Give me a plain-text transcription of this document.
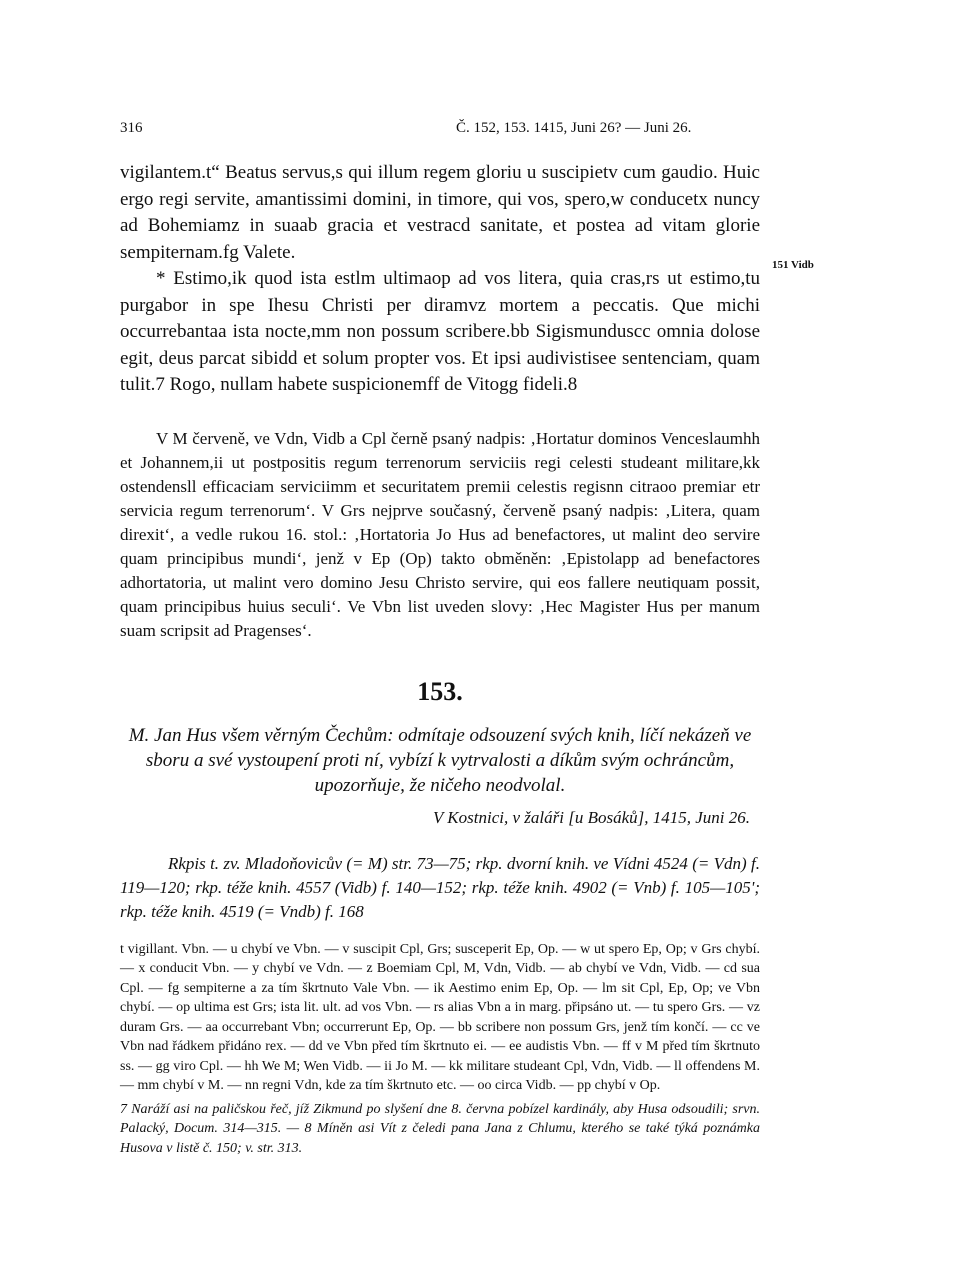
316	Č. 152, 153. 1415, Juni 26? — Juni 26.
151 Vidb

vigilantem.t“ Beatus servus,s qui illum regem gloriu u suscipietv cum gaudio. Huic ergo regi servite, amantissimi domini, in timore, qui vos, spero,w conducetx nuncy ad Bohemiamz in suaab gracia et vestracd sanitate, et postea ad vitam glorie sempiternam.fg Valete.

* Estimo,ik quod ista estlm ultimaop ad vos litera, quia cras,rs ut estimo,tu purgabor in spe Ihesu Christi per diramvz mortem a peccatis. Que michi occurrebantaa ista nocte,mm non possum scribere.bb Sigismunduscc omnia dolose egit, deus parcat sibidd et solum propter vos. Et ipsi audivistisee sentenciam, quam tulit.7 Rogo, nullam habete suspicionemff de Vitogg fideli.8

V M červeně, ve Vdn, Vidb a Cpl černě psaný nadpis: ‚Hortatur dominos Venceslaumhh et Johannem,ii ut postpositis regum terrenorum serviciis regi celesti studeant militare,kk ostendensll efficaciam serviciimm et securitatem premii celestis regisnn citraoo premiar etr servicia regum terrenorum‘. V Grs nejprve současný, červeně psaný nadpis: ‚Litera, quam direxit‘, a vedle rukou 16. stol.: ‚Hortatoria Jo Hus ad benefactores, ut malint deo servire quam principibus mundi‘, jenž v Ep (Op) takto obměněn: ‚Epistolapp ad benefactores adhortatoria, ut malint vero domino Jesu Christo servire, qui eos fallere neutiquam possit, quam principibus huius seculi‘. Ve Vbn list uveden slovy: ‚Hec Magister Hus per manum suam scripsit ad Pragenses‘.

153.

M. Jan Hus všem věrným Čechům: odmítaje odsouzení svých knih, líčí nekázeň ve sboru a své vystoupení proti ní, vybízí k vytrvalosti a díkům svým ochráncům, upozorňuje, že ničeho neodvolal.

V Kostnici, v žaláři [u Bosáků], 1415, Juni 26.

Rkpis t. zv. Mladoňovicův (= M) str. 73—75; rkp. dvorní knih. ve Vídni 4524 (= Vdn) f. 119—120; rkp. téže knih. 4557 (Vidb) f. 140—152; rkp. téže knih. 4902 (= Vnb) f. 105—105'; rkp. téže knih. 4519 (= Vndb) f. 168

t vigillant. Vbn. — u chybí ve Vbn. — v suscipit Cpl, Grs; susceperit Ep, Op. — w ut spero Ep, Op; v Grs chybí. — x conducit Vbn. — y chybí ve Vdn. — z Boemiam Cpl, M, Vdn, Vidb. — ab chybí ve Vdn, Vidb. — cd sua Cpl. — fg sempiterne a za tím škrtnuto Vale Vbn. — ik Aestimo enim Ep, Op. — lm sit Cpl, Ep, Op; ve Vbn chybí. — op ultima est Grs; ista lit. ult. ad vos Vbn. — rs alias Vbn a in marg. připsáno ut. — tu spero Grs. — vz duram Grs. — aa occurrebant Vbn; occurrerunt Ep, Op. — bb scribere non possum Grs, jenž tím končí. — cc ve Vbn nad řádkem přidáno rex. — dd ve Vbn před tím škrtnuto ei. — ee audistis Vbn. — ff v M před tím škrtnuto ss. — gg viro Cpl. — hh We M; Wen Vidb. — ii Jo M. — kk militare studeant Cpl, Vdn, Vidb. — ll offendens M. — mm chybí v M. — nn regni Vdn, kde za tím škrtnuto etc. — oo circa Vidb. — pp chybí v Op.

7 Naráží asi na paličskou řeč, jíž Zikmund po slyšení dne 8. června pobízel kardinály, aby Husa odsoudili; srvn. Palacký, Docum. 314—315. — 8 Míněn asi Vít z čeledi pana Jana z Chlumu, kterého se také týká poznámka Husova v listě č. 150; v. str. 313.
